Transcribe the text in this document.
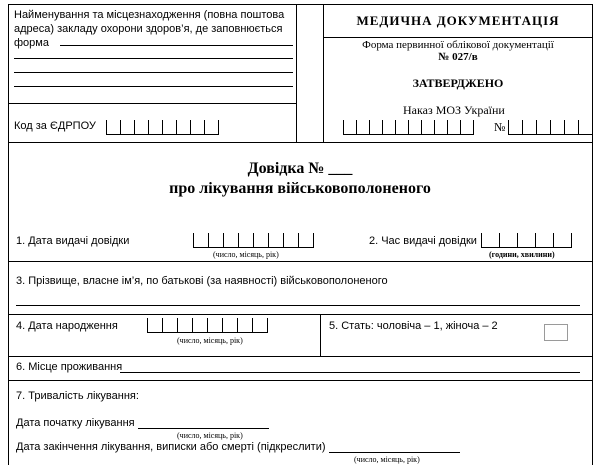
Найменування та місцезнаходження (повна поштова адреса) закладу охорони здоров’я, де заповнюється форма
МЕДИЧНА ДОКУМЕНТАЦІЯ
Форма первинної облікової документації
№ 027/в
ЗАТВЕРДЖЕНО
Наказ МОЗ України
Код за ЄДРПОУ	№
Довідка № ___
про лікування військовополоненого
1. Дата видачі довідки
(число, місяць, рік)
2. Час видачі довідки
(години, хвилини)
3. Прізвище, власне ім’я, по батькові (за наявності) військовополоненого
4. Дата народження
(число, місяць, рік)
5. Стать: чоловіча – 1, жіноча – 2
6. Місце проживання
7. Тривалість лікування:
Дата початку лікування
(число, місяць, рік)
Дата закінчення лікування, виписки або смерті (підкреслити)
(число, місяць, рік)
